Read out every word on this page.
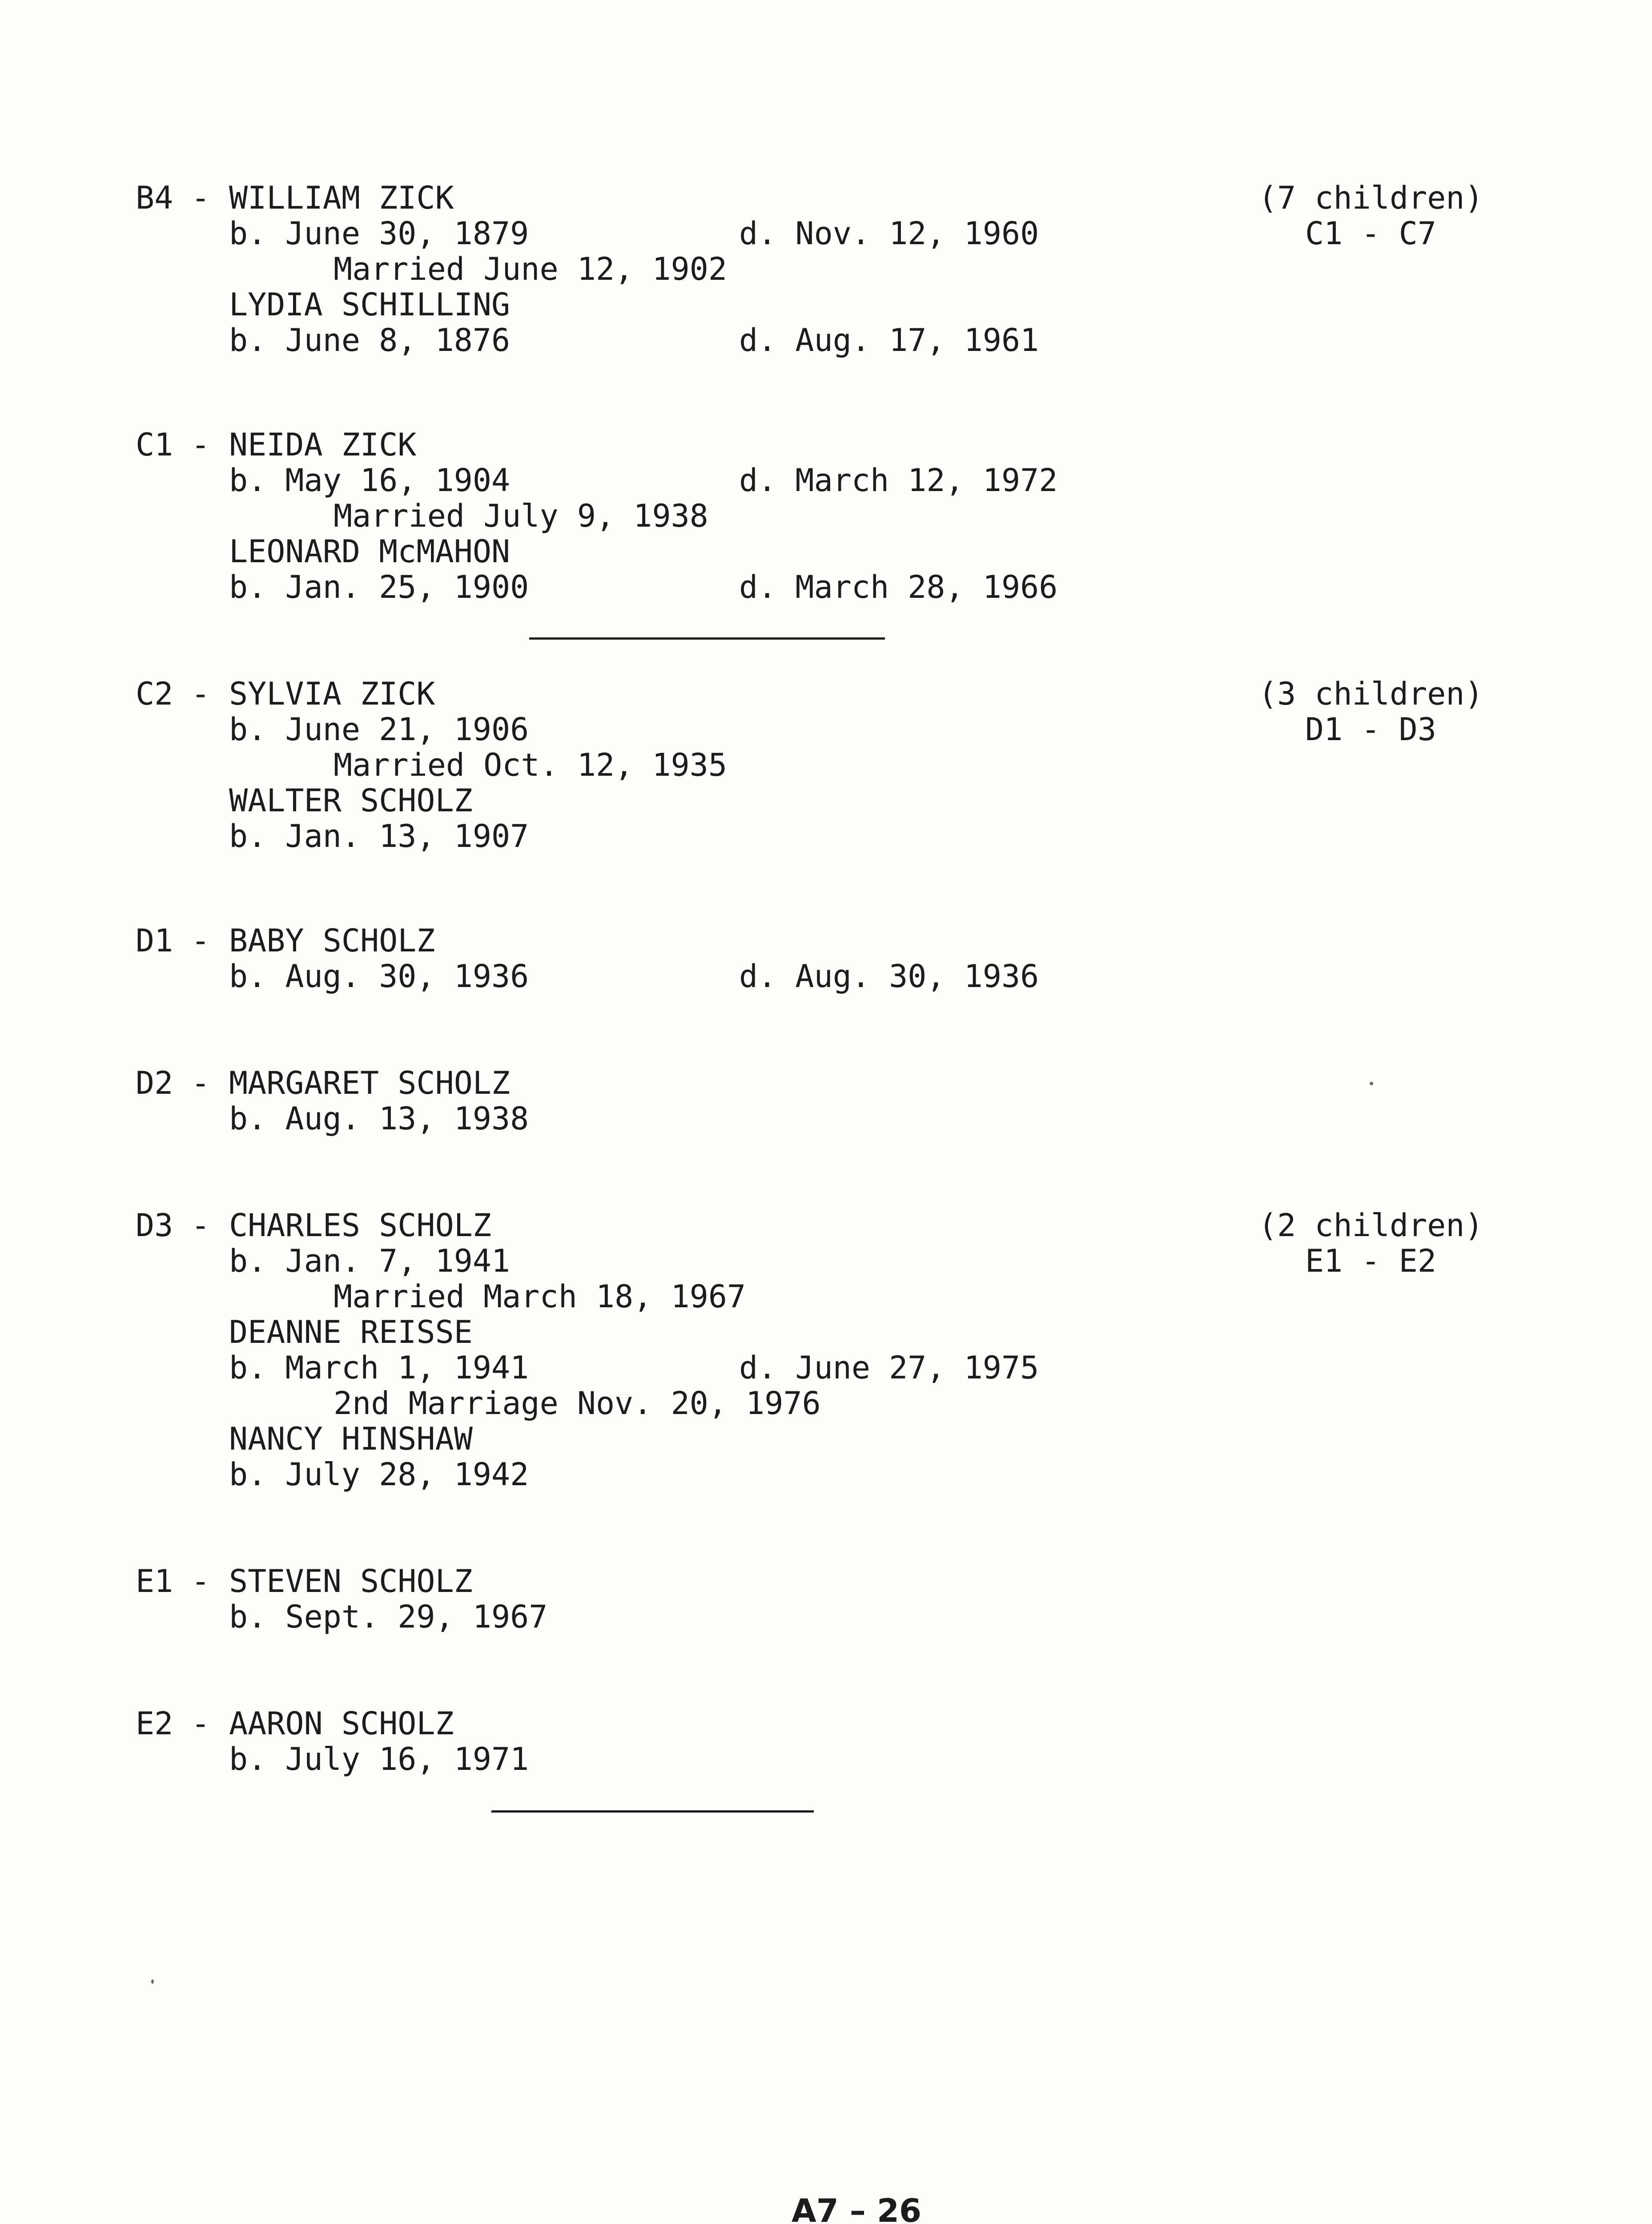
B4 - WILLIAM ZICK	(7 children)
b. June 30, 1879	d. Nov. 12, 1960	C1 - C7
Married June 12, 1902
LYDIA SCHILLING
b. June 8, 1876	d. Aug. 17, 1961
C1 - NEIDA ZICK
b. May 16, 1904	d. March 12, 1972
Married July 9, 1938
LEONARD McMAHON
b. Jan. 25, 1900	d. March 28, 1966
C2 - SYLVIA ZICK	(3 children)
b. June 21, 1906	D1 - D3
Married Oct. 12, 1935
WALTER SCHOLZ
b. Jan. 13, 1907
D1 - BABY SCHOLZ
b. Aug. 30, 1936	d. Aug. 30, 1936
D2 - MARGARET SCHOLZ
b. Aug. 13, 1938
D3 - CHARLES SCHOLZ	(2 children)
b. Jan. 7, 1941	E1 - E2
Married March 18, 1967
DEANNE REISSE
b. March 1, 1941	d. June 27, 1975
2nd Marriage Nov. 20, 1976
NANCY HINSHAW
b. July 28, 1942
E1 - STEVEN SCHOLZ
b. Sept. 29, 1967
E2 - AARON SCHOLZ
b. July 16, 1971
A7 – 26
